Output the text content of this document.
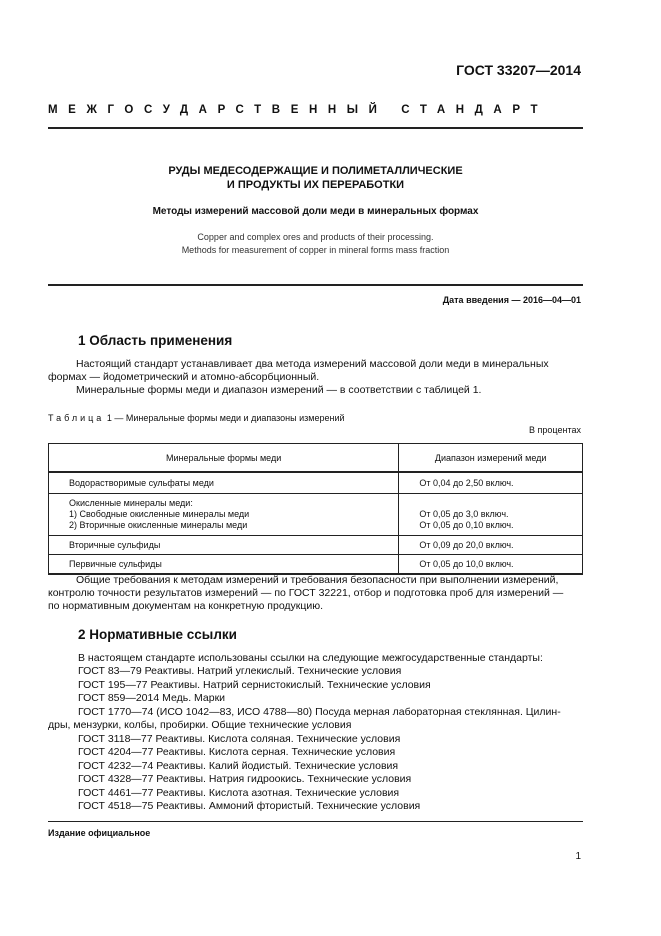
ГОСТ 33207—2014
МЕЖГОСУДАРСТВЕННЫЙ СТАНДАРТ
РУДЫ МЕДЕСОДЕРЖАЩИЕ И ПОЛИМЕТАЛЛИЧЕСКИЕ
И ПРОДУКТЫ ИХ ПЕРЕРАБОТКИ
Методы измерений массовой доли меди в минеральных формах
Copper and complex ores and products of their processing.
Methods for measurement of copper in mineral forms mass fraction
Дата введения — 2016—04—01
1 Область применения
Настоящий стандарт устанавливает два метода измерений массовой доли меди в минеральных
формах — йодометрический и атомно-абсорбционный.
Минеральные формы меди и диапазон измерений — в соответствии с таблицей 1.
Таблица 1 — Минеральные формы меди и диапазоны измерений
В процентах
Минеральные формы меди	Диапазон измерений меди
Водорастворимые сульфаты меди	От 0,04 до 2,50 включ.
Окисленные минералы меди:	
1) Свободные окисленные минералы меди	От 0,05 до 3,0 включ.
2) Вторичные окисленные минералы меди	От 0,05 до 0,10 включ.
Вторичные сульфиды	От 0,09 до 20,0 включ.
Первичные сульфиды	От 0,05 до 10,0 включ.
Общие требования к методам измерений и требования безопасности при выполнении измерений,
контролю точности результатов измерений — по ГОСТ 32221, отбор и подготовка проб для измерений —
по нормативным документам на конкретную продукцию.
2 Нормативные ссылки
В настоящем стандарте использованы ссылки на следующие межгосударственные стандарты:
ГОСТ 83—79 Реактивы. Натрий углекислый. Технические условия
ГОСТ 195—77 Реактивы. Натрий сернистокислый. Технические условия
ГОСТ 859—2014 Медь. Марки
ГОСТ 1770—74 (ИСО 1042—83, ИСО 4788—80) Посуда мерная лабораторная стеклянная. Цилин-
дры, мензурки, колбы, пробирки. Общие технические условия
ГОСТ 3118—77 Реактивы. Кислота соляная. Технические условия
ГОСТ 4204—77 Реактивы. Кислота серная. Технические условия
ГОСТ 4232—74 Реактивы. Калий йодистый. Технические условия
ГОСТ 4328—77 Реактивы. Натрия гидроокись. Технические условия
ГОСТ 4461—77 Реактивы. Кислота азотная. Технические условия
ГОСТ 4518—75 Реактивы. Аммоний фтористый. Технические условия
Издание официальное
1
